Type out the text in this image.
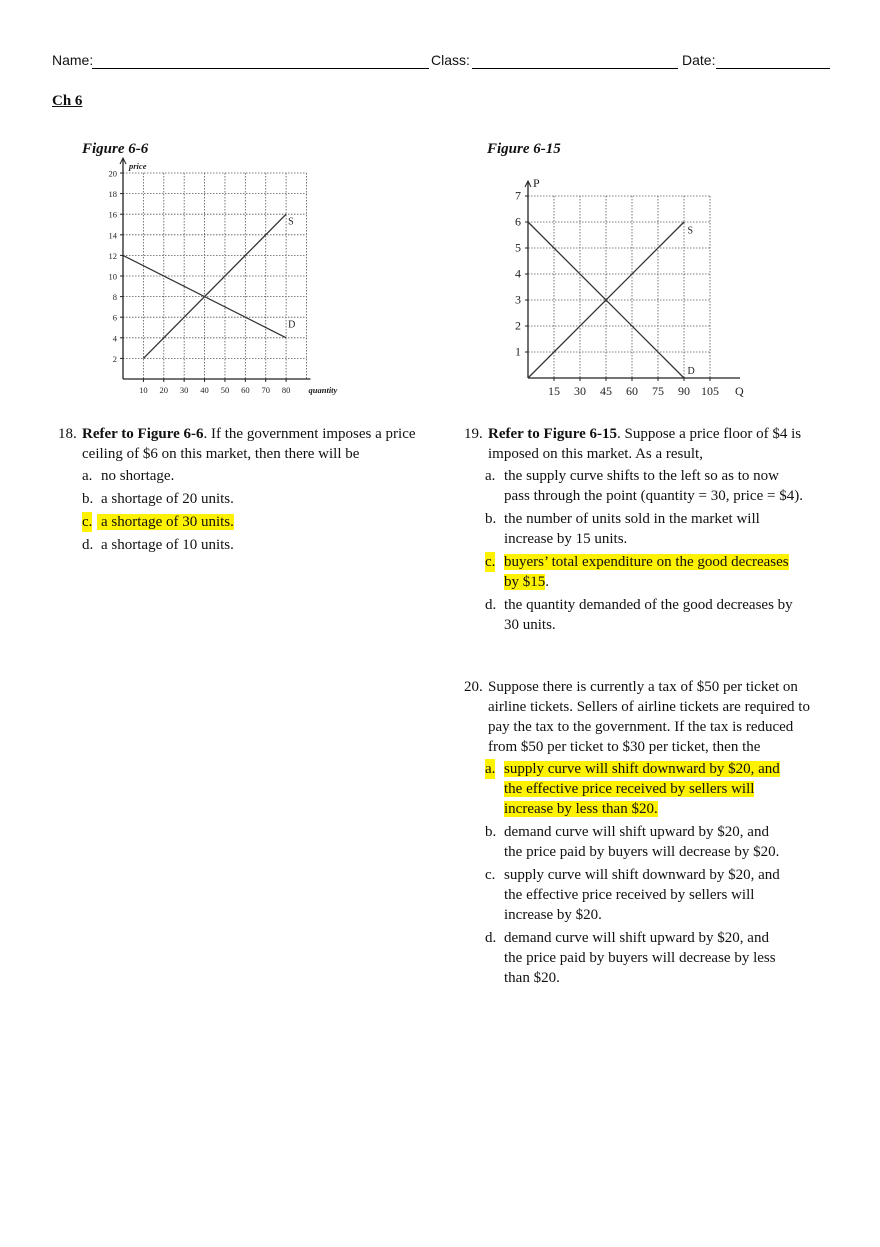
Name:	Class:	Date:
Ch 6
Figure 6-6	Figure 6-15
10 20 30 40 50 60 70 80
20
18
16
14
12
10
8
6
4
2
price
quantity
S
D
15 30 45 60 75 90 105
7
6
5
4
3
2
1
P
Q
S
D
18. Refer to Figure 6-6. If the government imposes a price ceiling of $6 on this market, then there will be
a. no shortage.
b. a shortage of 20 units.
c. a shortage of 30 units.
d. a shortage of 10 units.
19. Refer to Figure 6-15. Suppose a price floor of $4 is imposed on this market. As a result,
a. the supply curve shifts to the left so as to now pass through the point (quantity = 30, price = $4).
b. the number of units sold in the market will increase by 15 units.
c. buyers’ total expenditure on the good decreases by $15.
d. the quantity demanded of the good decreases by 30 units.
20. Suppose there is currently a tax of $50 per ticket on airline tickets. Sellers of airline tickets are required to pay the tax to the government. If the tax is reduced from $50 per ticket to $30 per ticket, then the
a. supply curve will shift downward by $20, and the effective price received by sellers will increase by less than $20.
b. demand curve will shift upward by $20, and the price paid by buyers will decrease by $20.
c. supply curve will shift downward by $20, and the effective price received by sellers will increase by $20.
d. demand curve will shift upward by $20, and the price paid by buyers will decrease by less than $20.
